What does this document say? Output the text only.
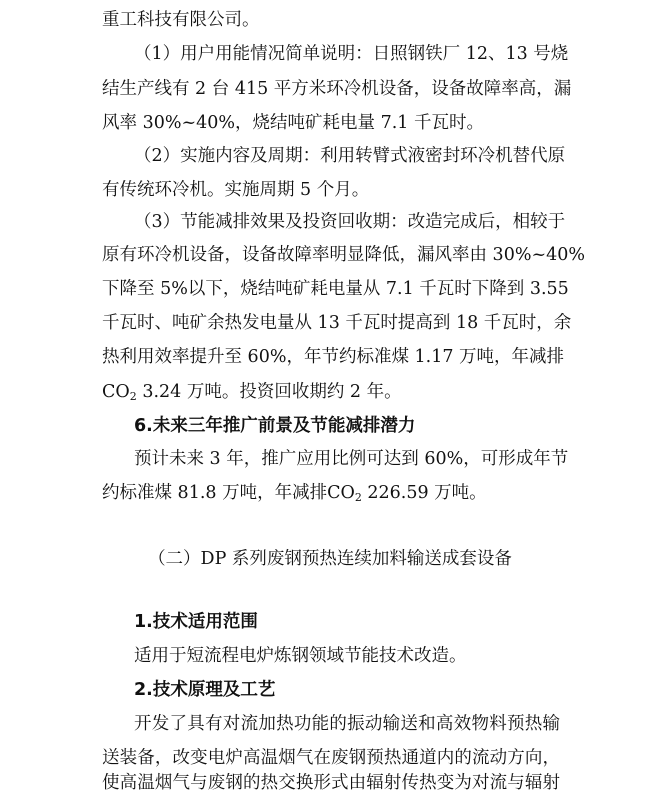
重工科技有限公司。
（1）用户用能情况简单说明：日照钢铁厂 12、13 号烧
结生产线有 2 台 415 平方米环冷机设备，设备故障率高，漏
风率 30%~40%，烧结吨矿耗电量 7.1 千瓦时。
（2）实施内容及周期：利用转臂式液密封环冷机替代原
有传统环冷机。实施周期 5 个月。
（3）节能减排效果及投资回收期：改造完成后，相较于
原有环冷机设备，设备故障率明显降低，漏风率由 30%~40%
下降至 5%以下，烧结吨矿耗电量从 7.1 千瓦时下降到 3.55
千瓦时、吨矿余热发电量从 13 千瓦时提高到 18 千瓦时，余
热利用效率提升至 60%，年节约标准煤 1.17 万吨，年减排
$CO_2$ 3.24 万吨。投资回收期约 2 年。
6.未来三年推广前景及节能减排潜力
预计未来 3 年，推广应用比例可达到 60%，可形成年节
约标准煤 81.8 万吨，年减排$CO_2$ 226.59 万吨。
（二）DP 系列废钢预热连续加料输送成套设备
1.技术适用范围
适用于短流程电炉炼钢领域节能技术改造。
2.技术原理及工艺
开发了具有对流加热功能的振动输送和高效物料预热输
送装备，改变电炉高温烟气在废钢预热通道内的流动方向，
使高温烟气与废钢的热交换形式由辐射传热变为对流与辐射
